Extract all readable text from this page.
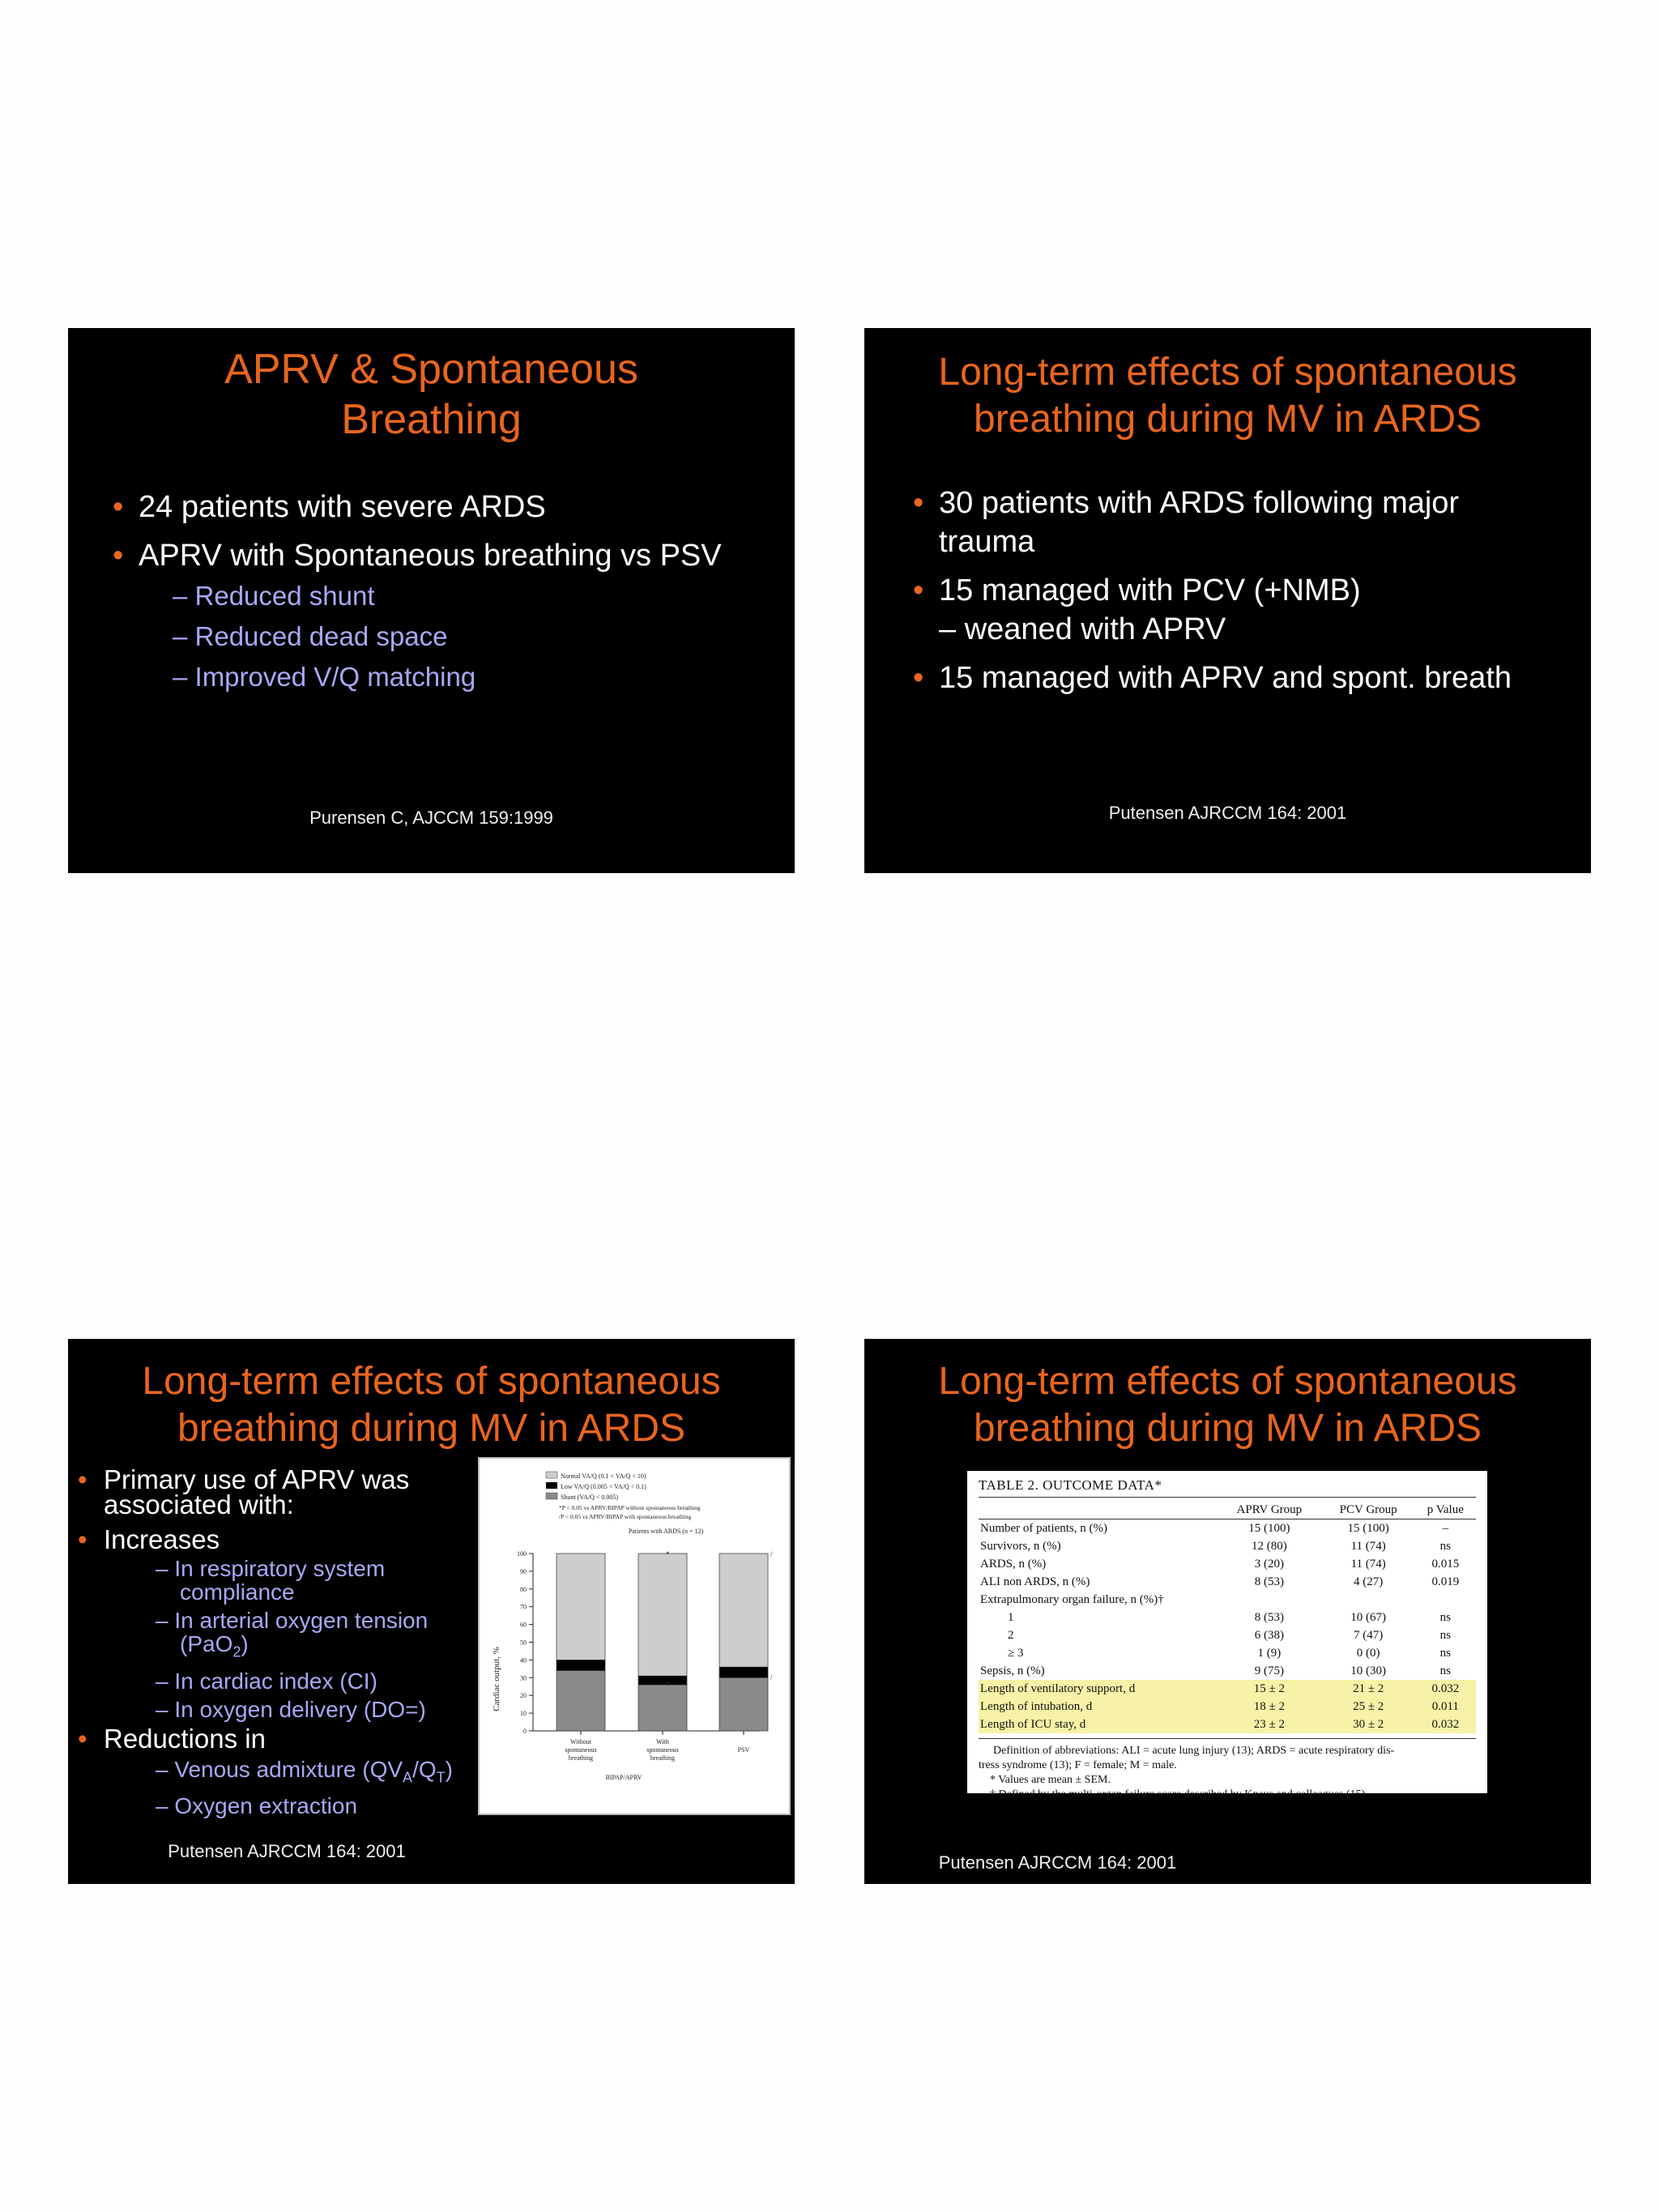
APRV & Spontaneous
Breathing
• 24 patients with severe ARDS
• APRV with Spontaneous breathing vs PSV
– Reduced shunt
– Reduced dead space
– Improved V/Q matching
Purensen C, AJCCM 159:1999
Long-term effects of spontaneous
breathing during MV in ARDS
• 30 patients with ARDS following major
trauma
• 15 managed with PCV (+NMB)
– weaned with APRV
• 15 managed with APRV and spont. breath
Putensen AJRCCM 164: 2001
Long-term effects of spontaneous
breathing during MV in ARDS
• Primary use of APRV was
associated with:
• Increases
– In respiratory system
compliance
– In arterial oxygen tension
(PaO$_2$)
– In cardiac index (CI)
– In oxygen delivery (DO=)
• Reductions in
– Venous admixture $(QV_A/Q_T)$
– Oxygen extraction
Normal VA/Q (0.1 < VA/Q < 10)
Low VA/Q (0.005 < VA/Q < 0.1)
Shunt (VA/Q < 0.005)
*P < 0.05 vs APRV/BIPAP without spontaneous breathing
/P < 0.05 vs APRV/BIPAP with spontaneous breathing
Patients with ARDS (n = 12)
Cardiac output, %
100
90
80
70
60
50
40
30
20
10
0
*
*
/
/
Without
spontaneous
breathing
With
spontaneous
breathing
PSV
BIPAP/APRV
Putensen AJRCCM 164: 2001
Long-term effects of spontaneous
breathing during MV in ARDS
TABLE 2. OUTCOME DATA*
	APRV Group	PCV Group	p Value

Number of patients, n (%)	15 (100)	15 (100)	–
Survivors, n (%)	12 (80)	11 (74)	ns
ARDS, n (%)	3 (20)	11 (74)	0.015
ALI non ARDS, n (%)	8 (53)	4 (27)	0.019
Extrapulmonary organ failure, n (%)†			
1	8 (53)	10 (67)	ns
2	6 (38)	7 (47)	ns
≥ 3	1 (9)	0 (0)	ns
Sepsis, n (%)	9 (75)	10 (30)	ns
Length of ventilatory support, d	15 ± 2	21 ± 2	0.032
Length of intubation, d	18 ± 2	25 ± 2	0.011
Length of ICU stay, d	23 ± 2	30 ± 2	0.032
Definition of abbreviations: ALI = acute lung injury (13); ARDS = acute respiratory dis-
tress syndrome (13); F = female; M = male.
* Values are mean ± SEM.
† Defined by the multi-organ failure score described by Knaus and colleagues (15)
Putensen AJRCCM 164: 2001
